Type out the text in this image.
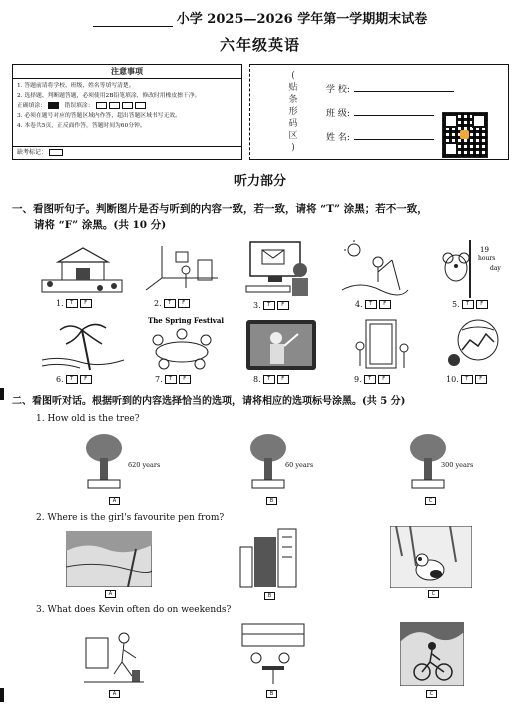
小学 2025—2026 学年第一学期期末试卷
六年级英语
注意事项
1. 答题前请将学校、班级、姓名等填写清楚。
2. 选择题、判断题答题，必须使用2B铅笔填涂，修改时用橡皮擦干净。
正确填涂：	错误填涂：
3. 必须在题号对应的答题区域内作答，超出答题区域书写无效。
4. 本卷共5页，正反面作答，答题时间为60分钟。
缺考标记：
(
贴
条
形
码
区
)
学 校:
班 级:
姓 名:
听力部分
一、看图听句子。判断图片是否与听到的内容一致，若一致，请将 “T” 涂黑；若不一致，
请将 “F” 涂黑。(共 10 分)
19
hours
day
1.	T	F	2.	T	F	3.	T	F	4.	T	F	5.	T	F
The Spring Festival
6.	T	F	7.	T	F	8.	T	F	9.	T	F	10.	T	F
二、看图听对话。根据听到的内容选择恰当的选项，请将相应的选项标号涂黑。(共 5 分)
1. How old is the tree?
620 years	60 years	300 years
A	B	C
2. Where is the girl's favourite pen from?
A	B	C
3. What does Kevin often do on weekends?
A	B	C
